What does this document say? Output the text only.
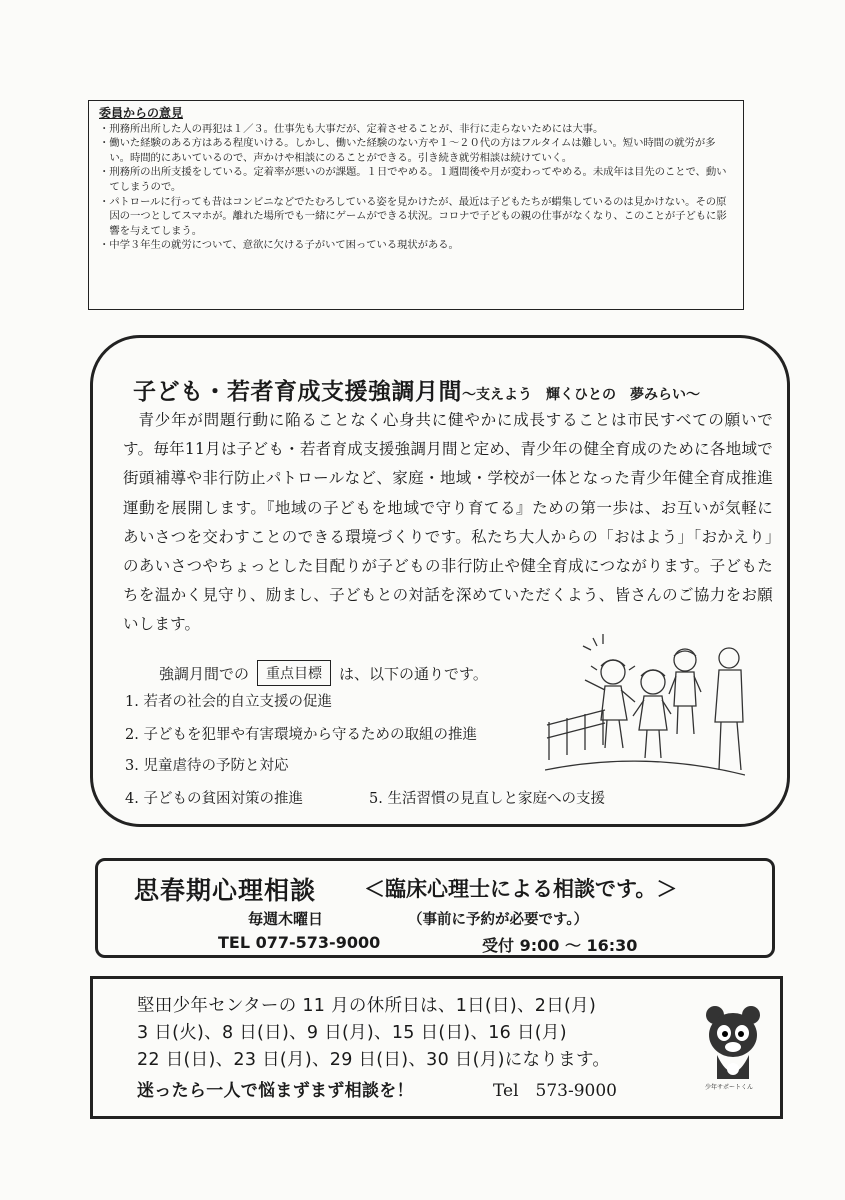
委員からの意見
・ 刑務所出所した人の再犯は１／３。仕事先も大事だが、定着させることが、非行に走らないためには大事。
・ 働いた経験のある方はある程度いける。しかし、働いた経験のない方や１～２０代の方はフルタイムは難しい。短い時間の就労が多い。時間的にあいているので、声かけや相談にのることができる。引き続き就労相談は続けていく。
・ 刑務所の出所支援をしている。定着率が悪いのが課題。１日でやめる。１週間後や月が変わってやめる。未成年は目先のことで、動いてしまうので。
・ パトロールに行っても昔はコンビニなどでたむろしている姿を見かけたが、最近は子どもたちが蝟集しているのは見かけない。その原因の一つとしてスマホが。離れた場所でも一緒にゲームができる状況。コロナで子どもの親の仕事がなくなり、このことが子どもに影響を与えてしまう。
・ 中学３年生の就労について、意欲に欠ける子がいて困っている現状がある。
子ども・若者育成支援強調月間～支えよう　輝くひとの　夢みらい～

青少年が問題行動に陥ることなく心身共に健やかに成長することは市民すべての願いです。毎年11月は子ども・若者育成支援強調月間と定め、青少年の健全育成のために各地域で街頭補導や非行防止パトロールなど、家庭・地域・学校が一体となった青少年健全育成推進運動を展開します。『地域の子どもを地域で守り育てる』ための第一歩は、お互いが気軽にあいさつを交わすことのできる環境づくりです。私たち大人からの「おはよう」「おかえり」のあいさつやちょっとした目配りが子どもの非行防止や健全育成につながります。子どもたちを温かく見守り、励まし、子どもとの対話を深めていただくよう、皆さんのご協力をお願いします。

強調月間での	重点目標	は、以下の通りです。
1. 若者の社会的自立支援の促進
2. 子どもを犯罪や有害環境から守るための取組の推進
3. 児童虐待の予防と対応
4. 子どもの貧困対策の推進	5. 生活習慣の見直しと家庭への支援
思春期心理相談 ＜臨床心理士による相談です。＞
毎週木曜日	（事前に予約が必要です。）
TEL 077-573-9000	受付 9:00 ～ 16:30
堅田少年センターの 11 月の休所日は、1日(日)、2日(月)
3 日(火)、8 日(日)、9 日(月)、15 日(日)、16 日(月)
22 日(日)、23 日(月)、29 日(日)、30 日(月)になります。
迷ったら一人で悩まずまず相談を！	Tel　573-9000	少年サポートくん
